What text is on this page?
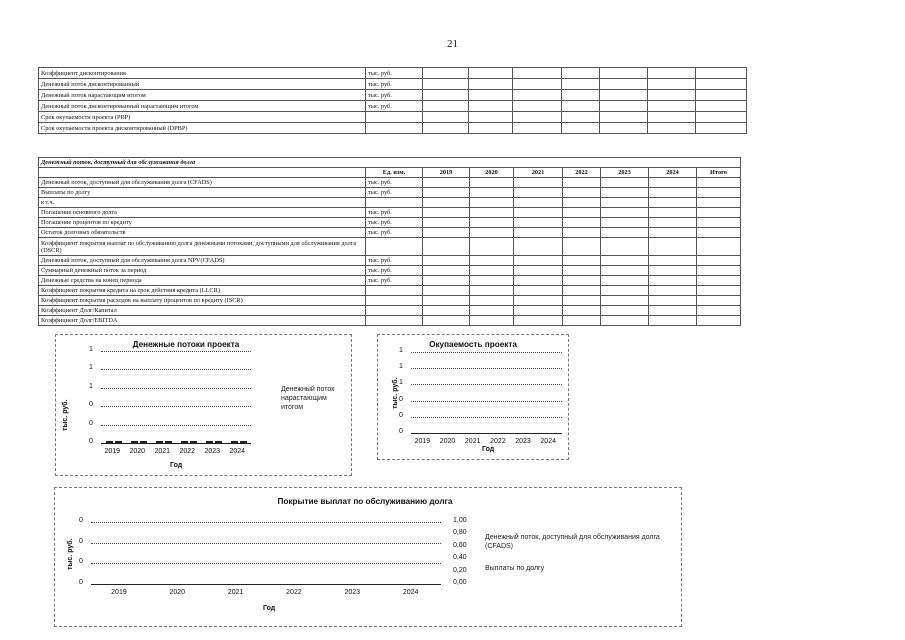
21
Коэффициент дисконтирования	тыс. руб.							
Денежный поток дисконтированный	тыс. руб.							
Денежный поток нарастающим итогом	тыс. руб.							
Денежный поток дисконтированный нарастающим итогом	тыс. руб.							
Срок окупаемости проекта (PBP)								
Срок окупаемости проекта дисконтированный (DPBP)								
Денежный поток, доступный для обслуживания долга								
	Ед. изм.	2019	2020	2021	2022	2023	2024	Итого
Денежный поток, доступный для обслуживания долга (CFADS)	тыс. руб.							
Выплаты по долгу	тыс. руб.							
в т.ч.								
Погашение основного долга	тыс. руб.							
Погашение процентов по кредиту	тыс. руб.							
Остаток долговых обязательств	тыс. руб.							
Коэффициент покрытия выплат по обслуживанию долга денежными потоками, доступными для обслуживания долга (DSCR)								
Денежный поток, доступный для обслуживания долга NPV(CFADS)	тыс. руб.							
Суммарный денежный поток за период	тыс. руб.							
Денежные средства на конец периода	тыс. руб.							
Коэффициент покрытия кредита на срок действия кредита (LLCR)								
Коэффициент покрытия расходов на выплату процентов по кредиту (ISCR)								
Коэффициент Долг/Капитал								
Коэффициент Долг/EBITDA								
Денежные потоки проекта
1
1
1
0
0
0
2019 2020 2021 2022 2023 2024
тыс. руб.
Год
Денежный поток нарастающим итогом
Окупаемость проекта
1
1
1
0
0
0
2019 2020 2021 2022 2023 2024
тыс. руб.
Год
Покрытие выплат по обслуживанию долга
0
0
0
0
1,00
0,80
0,60
0,40
0,20
0,00
2019	2020	2021	2022	2023	2024
тыс. руб.
Год
Денежный поток, доступный для обслуживания долга (CFADS)
Выплаты по долгу
